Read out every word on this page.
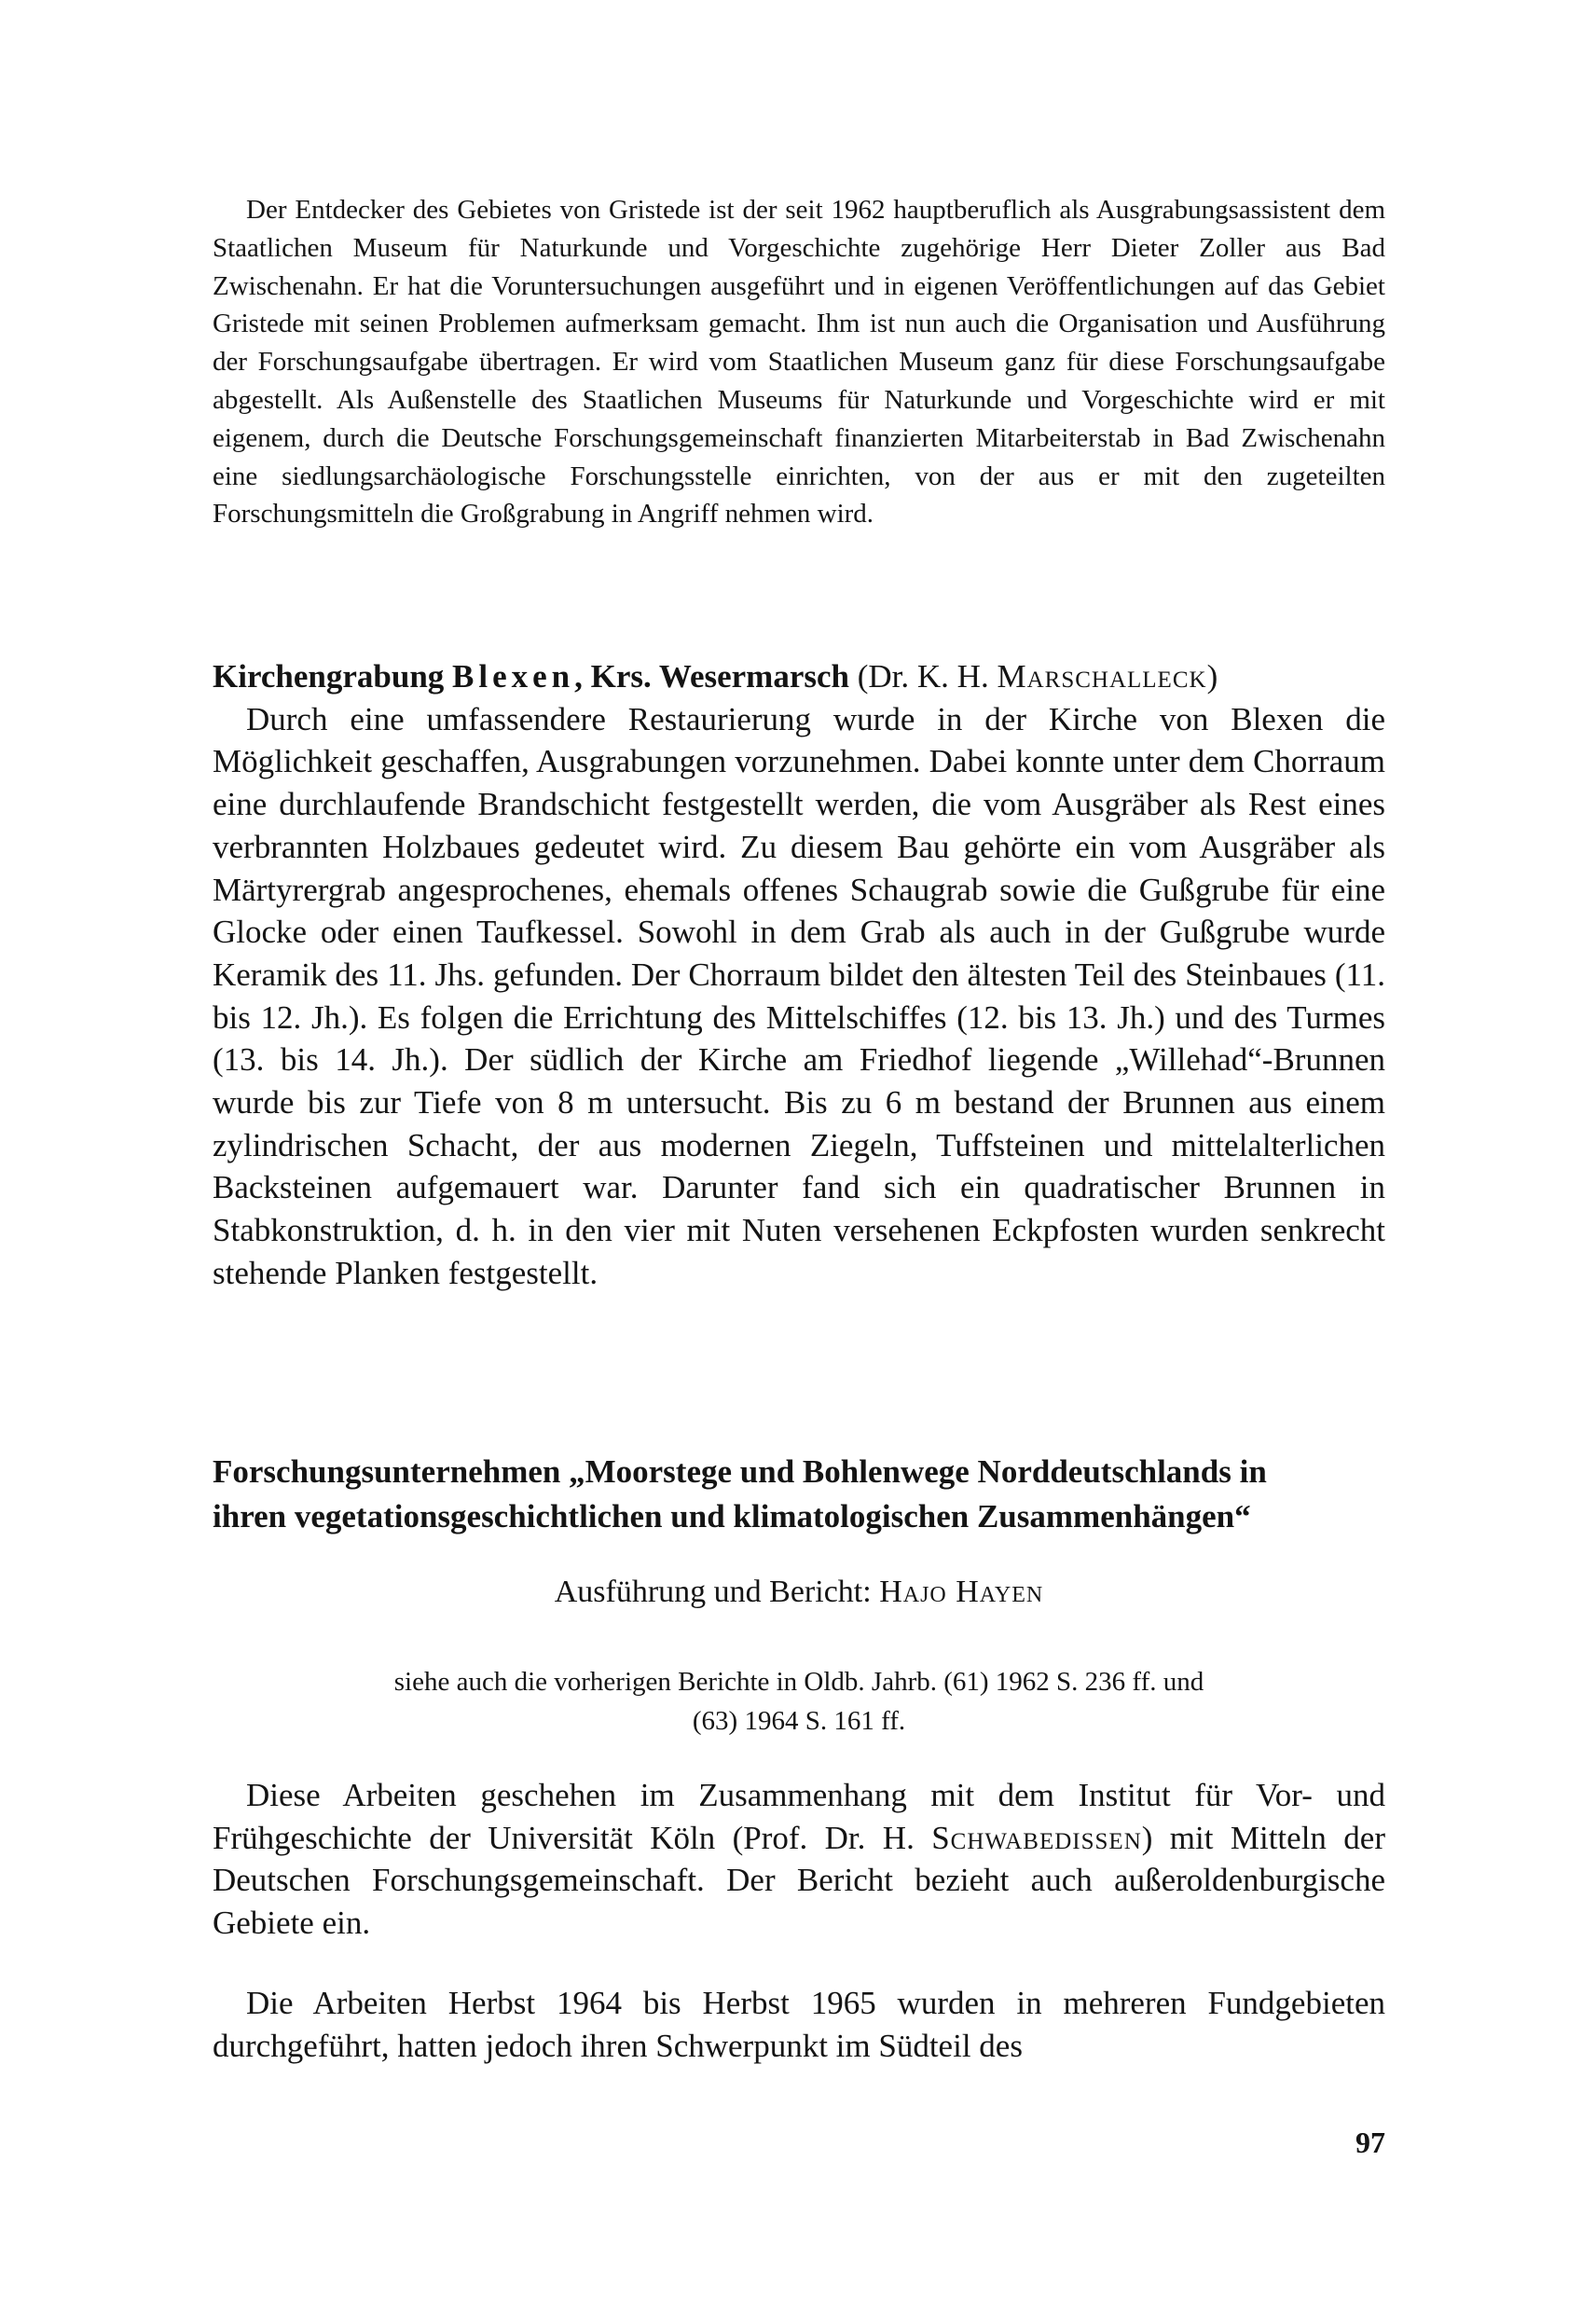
Der Entdecker des Gebietes von Gristede ist der seit 1962 hauptberuflich als Ausgrabungsassistent dem Staatlichen Museum für Naturkunde und Vorgeschichte zugehörige Herr Dieter Zoller aus Bad Zwischenahn. Er hat die Voruntersuchungen ausgeführt und in eigenen Veröffentlichungen auf das Gebiet Gristede mit seinen Problemen aufmerksam gemacht. Ihm ist nun auch die Organisation und Ausführung der Forschungsaufgabe übertragen. Er wird vom Staatlichen Museum ganz für diese Forschungsaufgabe abgestellt. Als Außenstelle des Staatlichen Museums für Naturkunde und Vorgeschichte wird er mit eigenem, durch die Deutsche Forschungsgemeinschaft finanzierten Mitarbeiterstab in Bad Zwischenahn eine siedlungsarchäologische Forschungsstelle einrichten, von der aus er mit den zugeteilten Forschungsmitteln die Großgrabung in Angriff nehmen wird.

Kirchengrabung Blexen, Krs. Wesermarsch (Dr. K. H. Marschalleck)
Durch eine umfassendere Restaurierung wurde in der Kirche von Blexen die Möglichkeit geschaffen, Ausgrabungen vorzunehmen. Dabei konnte unter dem Chorraum eine durchlaufende Brandschicht festgestellt werden, die vom Ausgräber als Rest eines verbrannten Holzbaues gedeutet wird. Zu diesem Bau gehörte ein vom Ausgräber als Märtyrergrab angesprochenes, ehemals offenes Schaugrab sowie die Gußgrube für eine Glocke oder einen Taufkessel. Sowohl in dem Grab als auch in der Gußgrube wurde Keramik des 11. Jhs. gefunden. Der Chorraum bildet den ältesten Teil des Steinbaues (11. bis 12. Jh.). Es folgen die Errichtung des Mittelschiffes (12. bis 13. Jh.) und des Turmes (13. bis 14. Jh.). Der südlich der Kirche am Friedhof liegende „Willehad“-Brunnen wurde bis zur Tiefe von 8 m untersucht. Bis zu 6 m bestand der Brunnen aus einem zylindrischen Schacht, der aus modernen Ziegeln, Tuffsteinen und mittelalterlichen Backsteinen aufgemauert war. Darunter fand sich ein quadratischer Brunnen in Stabkonstruktion, d. h. in den vier mit Nuten versehenen Eckpfosten wurden senkrecht stehende Planken festgestellt.

Forschungsunternehmen „Moorstege und Bohlenwege Norddeutschlands in
ihren vegetationsgeschichtlichen und klimatologischen Zusammenhängen“
Ausführung und Bericht: Hajo Hayen
siehe auch die vorherigen Berichte in Oldb. Jahrb. (61) 1962 S. 236 ff. und
(63) 1964 S. 161 ff.

Diese Arbeiten geschehen im Zusammenhang mit dem Institut für Vor- und Frühgeschichte der Universität Köln (Prof. Dr. H. Schwabedissen) mit Mitteln der Deutschen Forschungsgemeinschaft. Der Bericht bezieht auch außeroldenburgische Gebiete ein.

Die Arbeiten Herbst 1964 bis Herbst 1965 wurden in mehreren Fundgebieten durchgeführt, hatten jedoch ihren Schwerpunkt im Südteil des

97
